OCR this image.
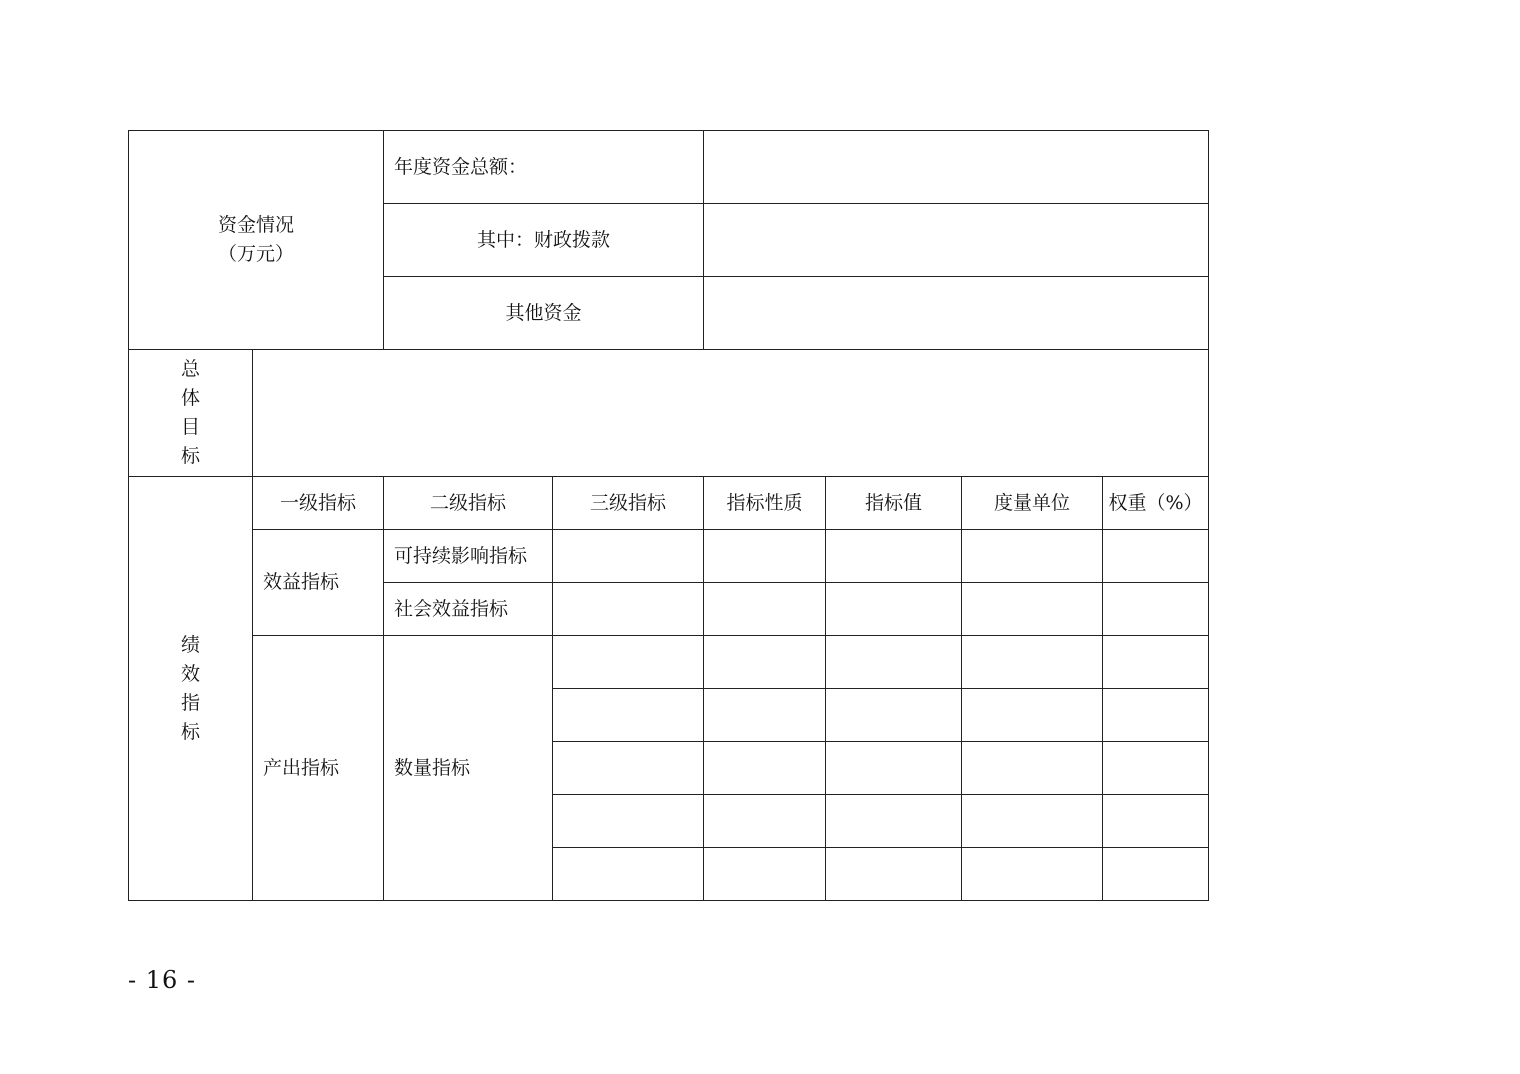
资金情况
（万元）		年度资金总额：					
		其中：财政拨款					
		其他资金					
总体目标							
绩效指标	一级指标	二级指标	三级指标	指标性质	指标值	度量单位	权重（%）
	效益指标	可持续影响指标					
		社会效益指标					
	产出指标	数量指标					

- 16 -
